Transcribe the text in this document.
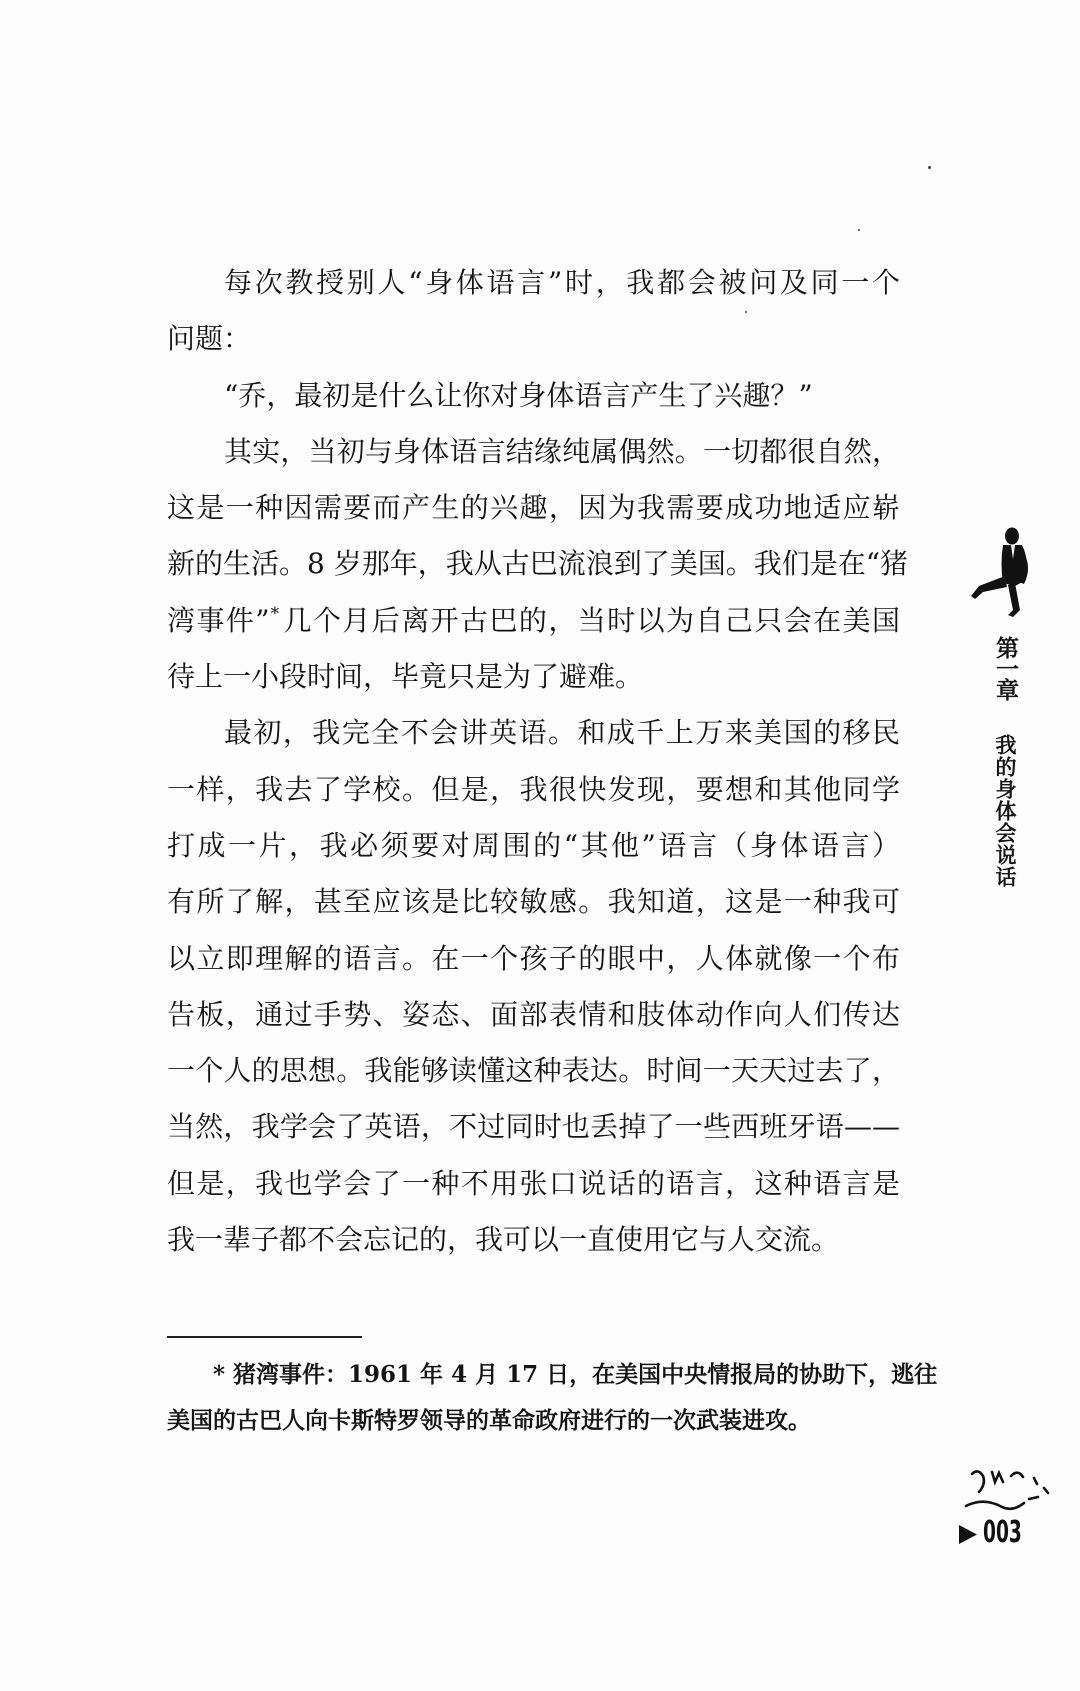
每次教授别人“身体语言”时，我都会被问及同一个
问题：
“乔，最初是什么让你对身体语言产生了兴趣？”
其实，当初与身体语言结缘纯属偶然。一切都很自然，
这是一种因需要而产生的兴趣，因为我需要成功地适应崭
新的生活。8 岁那年，我从古巴流浪到了美国。我们是在“猪
湾事件”* 几个月后离开古巴的，当时以为自己只会在美国
待上一小段时间，毕竟只是为了避难。
最初，我完全不会讲英语。和成千上万来美国的移民
一样，我去了学校。但是，我很快发现，要想和其他同学
打成一片，我必须要对周围的“其他”语言（身体语言）
有所了解，甚至应该是比较敏感。我知道，这是一种我可
以立即理解的语言。在一个孩子的眼中，人体就像一个布
告板，通过手势、姿态、面部表情和肢体动作向人们传达
一个人的思想。我能够读懂这种表达。时间一天天过去了，
当然，我学会了英语，不过同时也丢掉了一些西班牙语——
但是，我也学会了一种不用张口说话的语言，这种语言是
我一辈子都不会忘记的，我可以一直使用它与人交流。
* 猪湾事件：1961 年 4 月 17 日，在美国中央情报局的协助下，逃往
美国的古巴人向卡斯特罗领导的革命政府进行的一次武装进攻。
第一章
我的身体会说话
003
